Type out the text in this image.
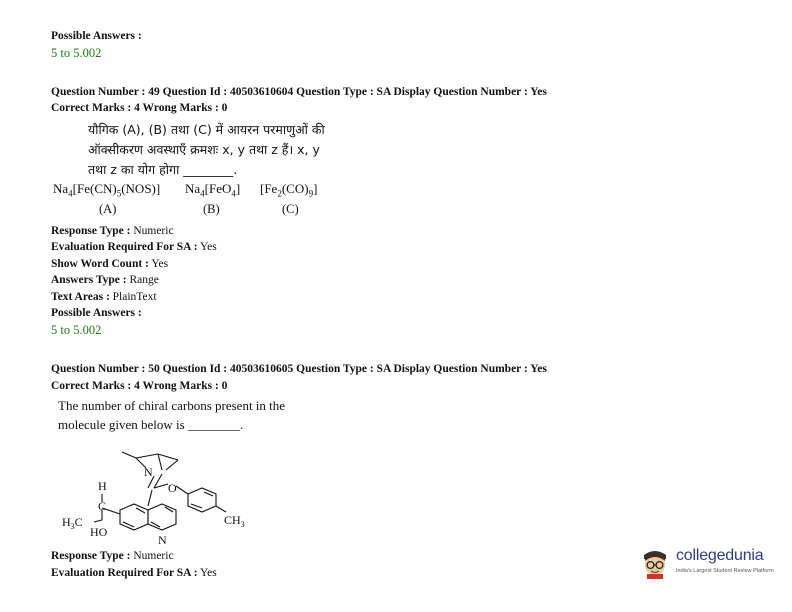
Possible Answers :
5 to 5.002
Question Number : 49 Question Id : 40503610604 Question Type : SA Display Question Number : Yes
Correct Marks : 4 Wrong Marks : 0
यौगिक (A), (B) तथा (C) में आयरन परमाणुओं की
ऑक्सीकरण अवस्थाएँ क्रमशः x, y तथा z हैं। x, y
तथा z का योग होगा ________.
$Na_4[Fe(CN)_5(NOS)]$ $Na_4[FeO_4]$ $[Fe_2(CO)_9]$
(A)	(B)	(C)
Response Type : Numeric
Evaluation Required For SA : Yes
Show Word Count : Yes
Answers Type : Range
Text Areas : PlainText
Possible Answers :
5 to 5.002
Question Number : 50 Question Id : 40503610605 Question Type : SA Display Question Number : Yes
Correct Marks : 4 Wrong Marks : 0
The number of chiral carbons present in the
molecule given below is ________.
H
C
$H_3C$
HO
N
N
O
$CH_3$
Response Type : Numeric
Evaluation Required For SA : Yes
collegedunia
India's Largest Student Review Platform
